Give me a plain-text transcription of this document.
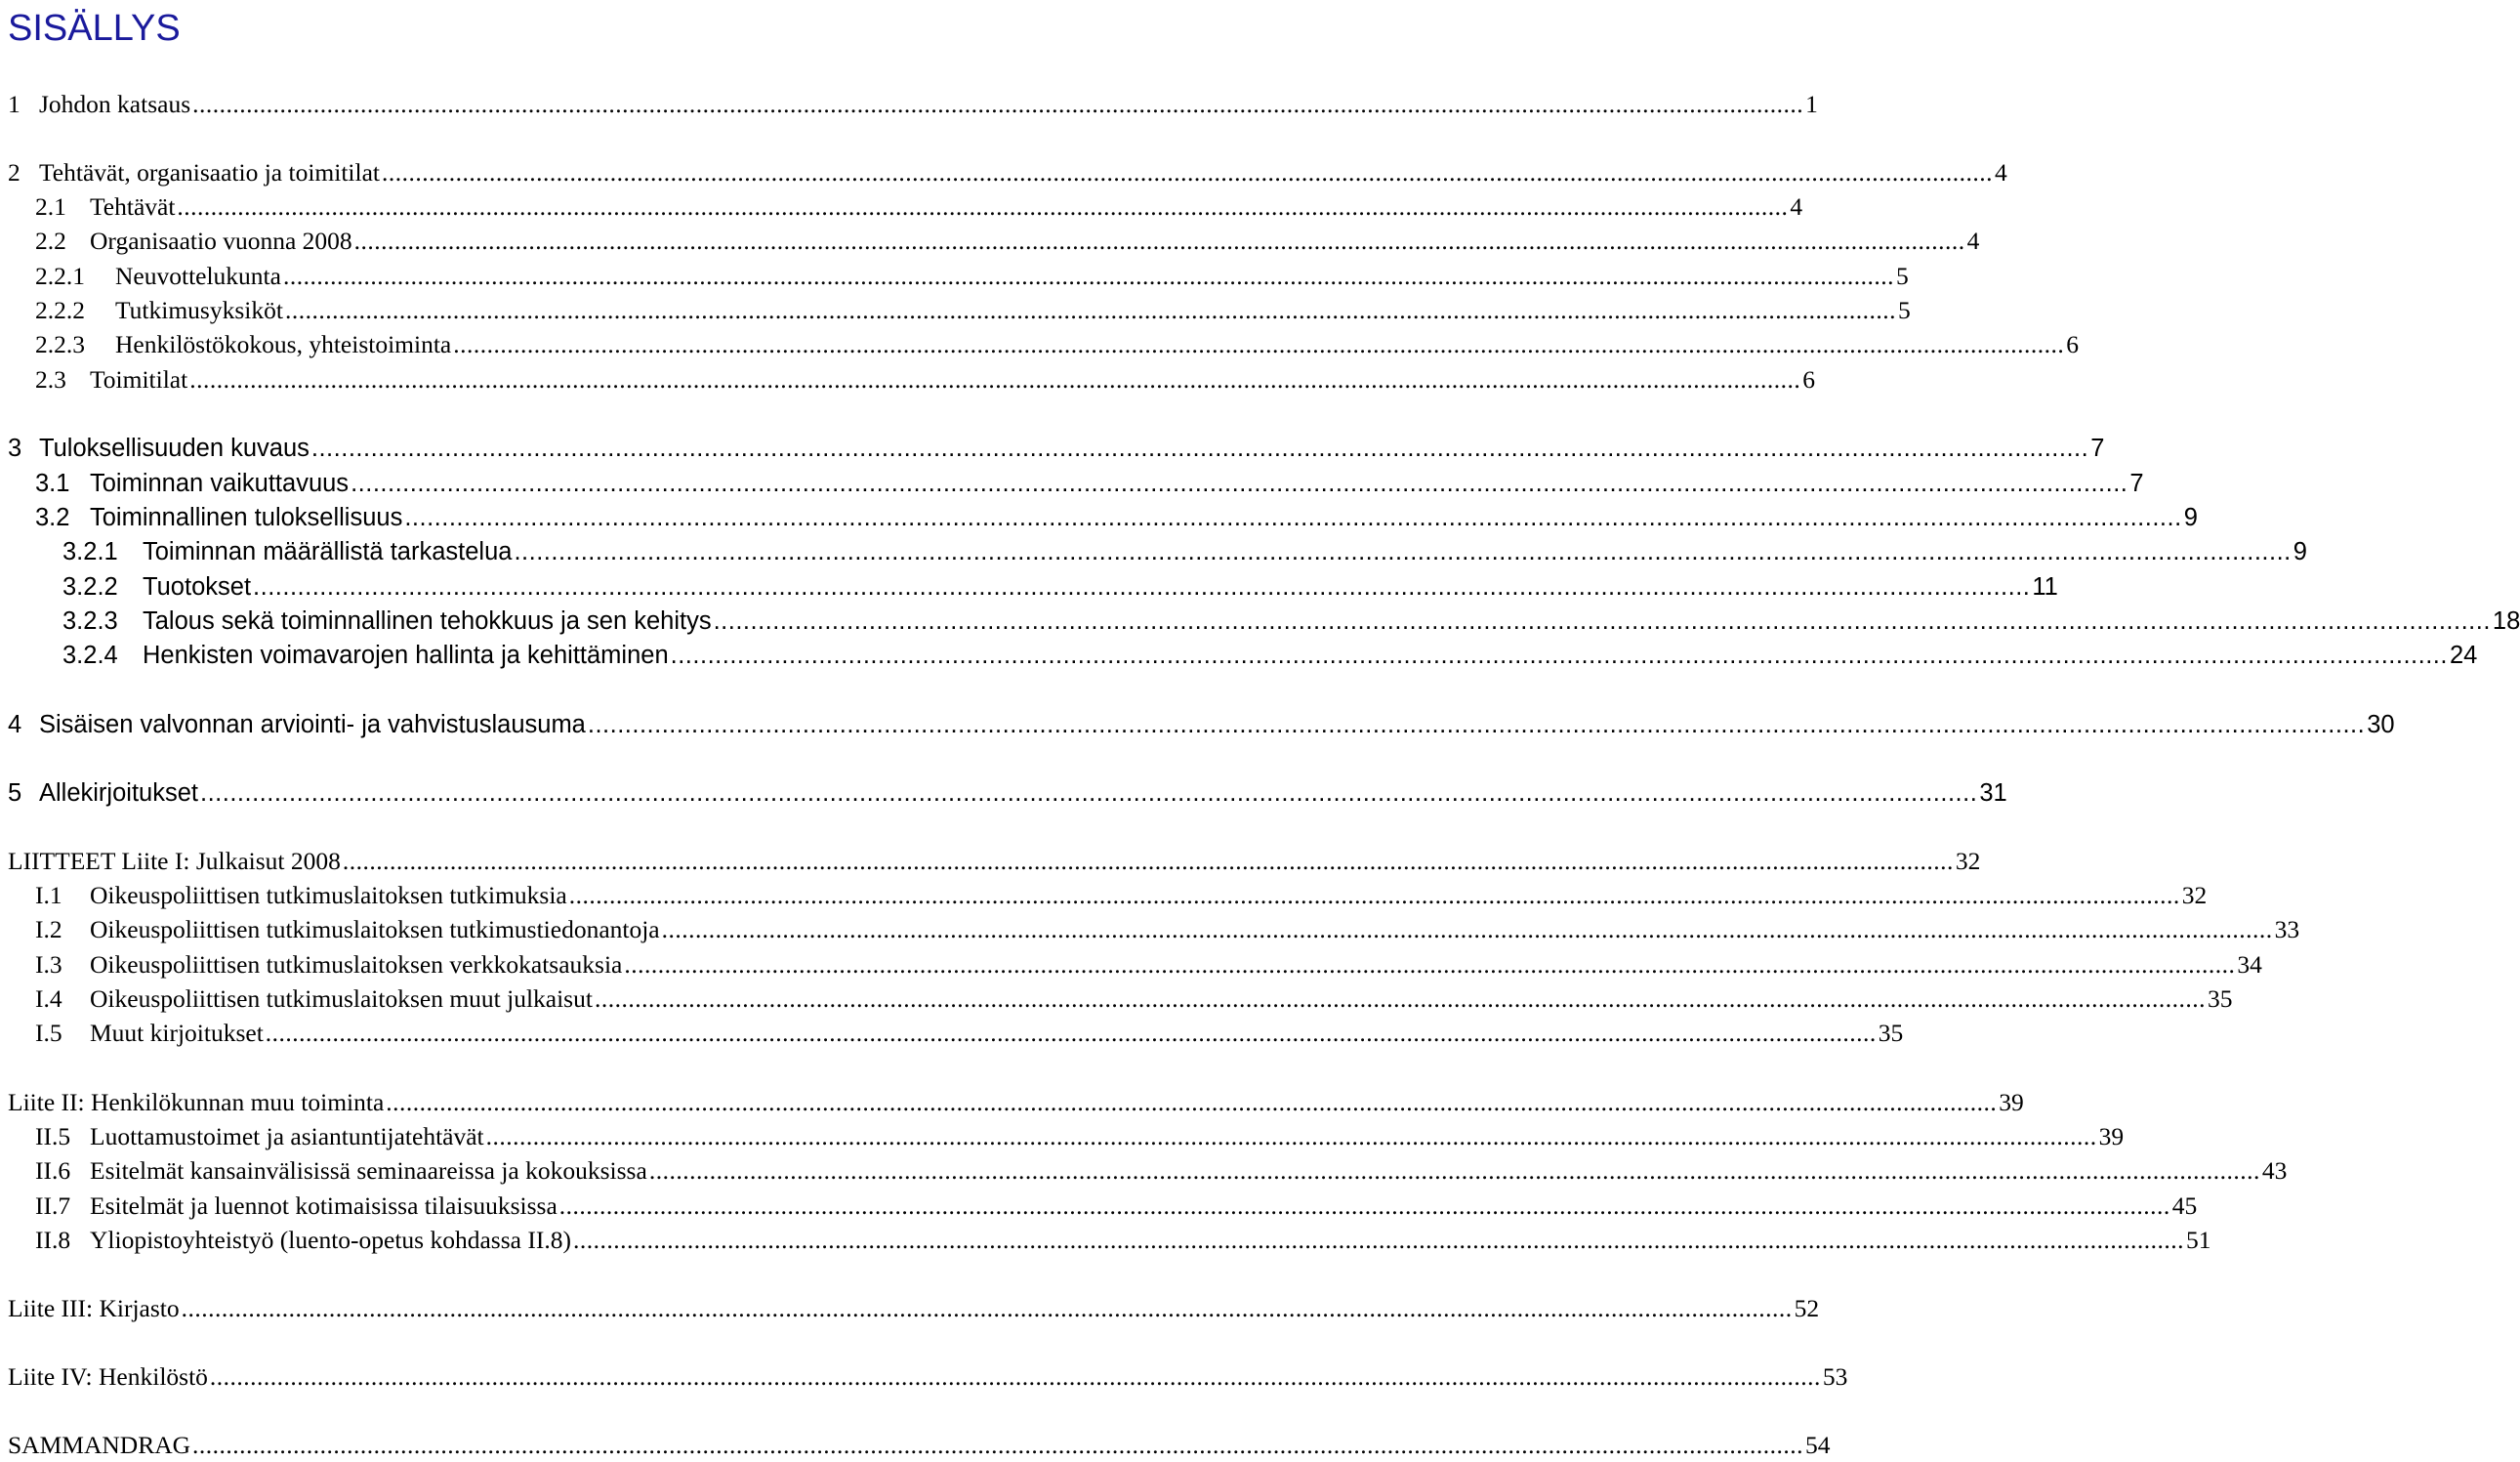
SISÄLLYS
1 Johdon katsaus .....	1
2 Tehtävät, organisaatio ja toimitilat .....	4
2.1 Tehtävät .....	4
2.2 Organisaatio vuonna 2008 .....	4
2.2.1	Neuvottelukunta .....	5
2.2.2	Tutkimusyksiköt .....	5
2.2.3	Henkilöstökokous, yhteistoiminta .....	6
2.3 Toimitilat .....	6
3 Tuloksellisuuden kuvaus .....	7
3.1 Toiminnan vaikuttavuus .....	7
3.2 Toiminnallinen tuloksellisuus .....	9
3.2.1 Toiminnan määrällistä tarkastelua .....	9
3.2.2 Tuotokset .....	11
3.2.3 Talous sekä toiminnallinen tehokkuus ja sen kehitys .....	18
3.2.4 Henkisten voimavarojen hallinta ja kehittäminen .....	24
4 Sisäisen valvonnan arviointi- ja vahvistuslausuma .....	30
5 Allekirjoitukset .....	31
LIITTEET Liite I: Julkaisut 2008 .....	32
I.1	Oikeuspoliittisen tutkimuslaitoksen tutkimuksia .....	32
I.2	Oikeuspoliittisen tutkimuslaitoksen tutkimustiedonantoja .....	33
I.3	Oikeuspoliittisen tutkimuslaitoksen verkkokatsauksia .....	34
I.4	Oikeuspoliittisen tutkimuslaitoksen muut julkaisut .....	35
I.5	Muut kirjoitukset .....	35
Liite II: Henkilökunnan muu toiminta .....	39
II.5 Luottamustoimet ja asiantuntijatehtävät .....	39
II.6 Esitelmät kansainvälisissä seminaareissa ja kokouksissa .....	43
II.7 Esitelmät ja luennot kotimaisissa tilaisuuksissa .....	45
II.8 Yliopistoyhteistyö (luento-opetus kohdassa II.8) .....	51
Liite III: Kirjasto .....	52
Liite IV: Henkilöstö .....	53
SAMMANDRAG .....	54
